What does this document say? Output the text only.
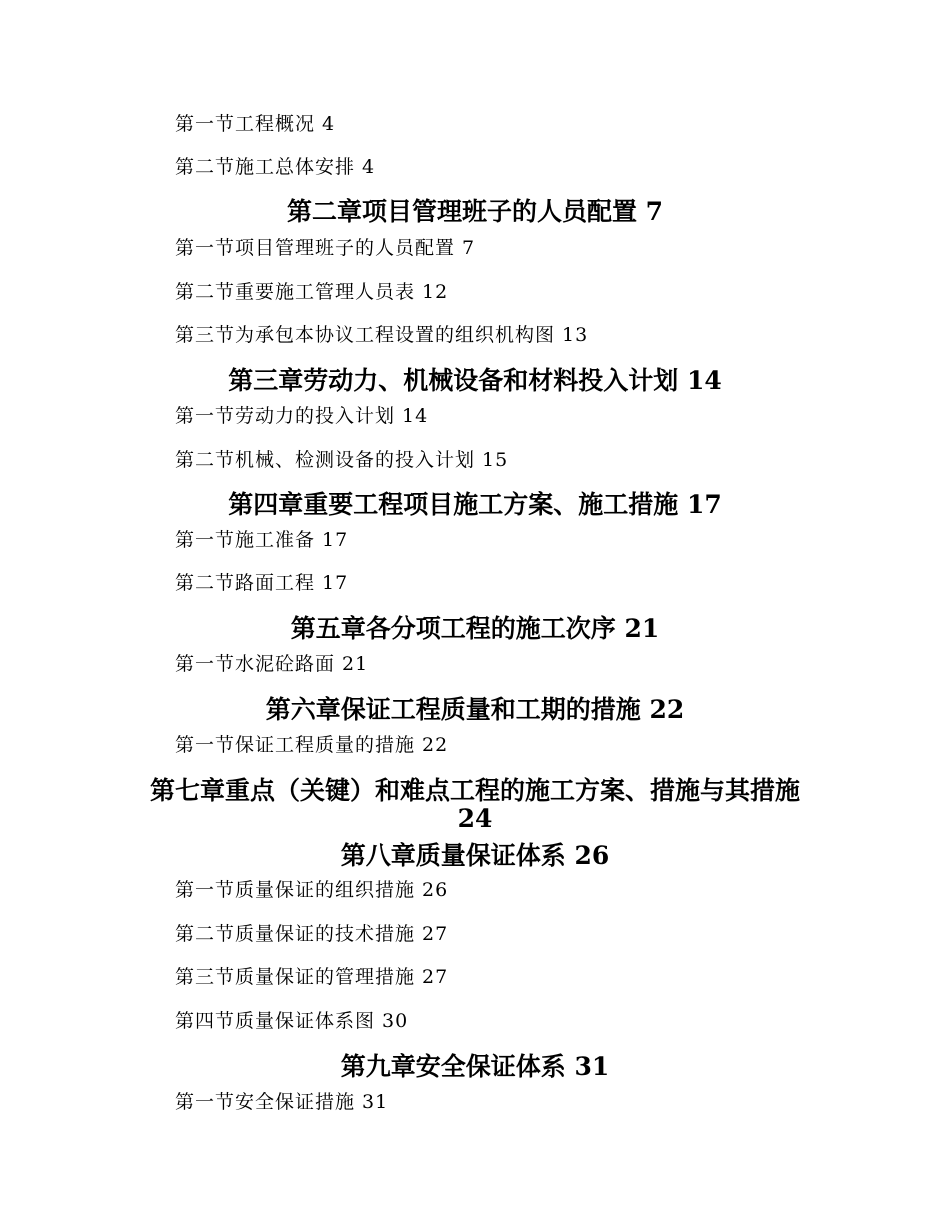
第一节工程概况 4
第二节施工总体安排 4
第二章项目管理班子的人员配置 7
第一节项目管理班子的人员配置 7
第二节重要施工管理人员表 12
第三节为承包本协议工程设置的组织机构图 13
第三章劳动力、机械设备和材料投入计划 14
第一节劳动力的投入计划 14
第二节机械、检测设备的投入计划 15
第四章重要工程项目施工方案、施工措施 17
第一节施工准备 17
第二节路面工程 17
第五章各分项工程的施工次序 21
第一节水泥砼路面 21
第六章保证工程质量和工期的措施 22
第一节保证工程质量的措施 22
第七章重点（关键）和难点工程的施工方案、措施与其措施 24
第八章质量保证体系 26
第一节质量保证的组织措施 26
第二节质量保证的技术措施 27
第三节质量保证的管理措施 27
第四节质量保证体系图 30
第九章安全保证体系 31
第一节安全保证措施 31
